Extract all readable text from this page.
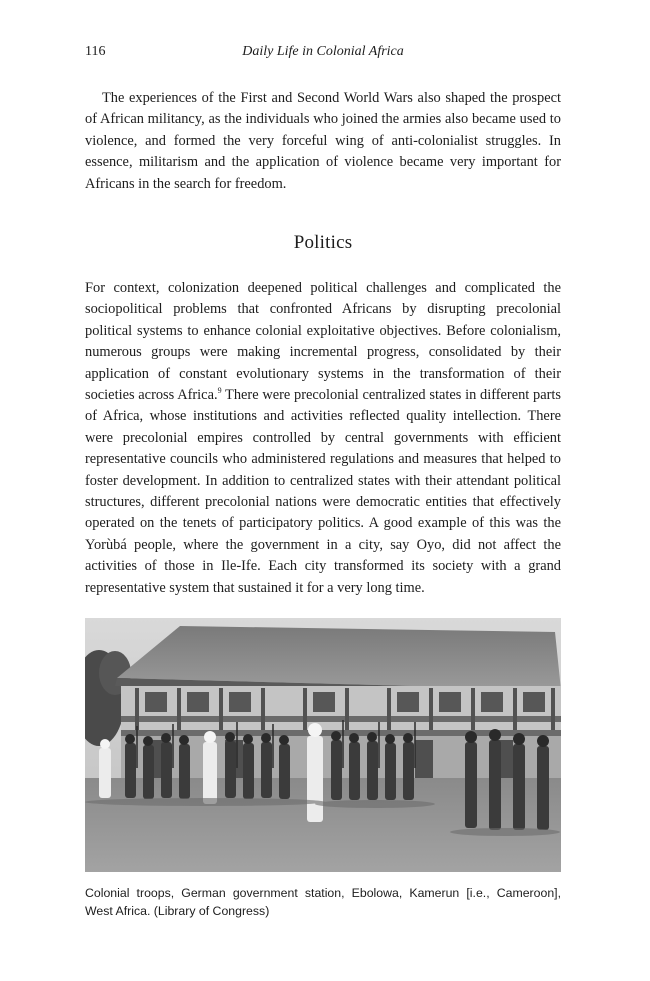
116	Daily Life in Colonial Africa

The experiences of the First and Second World Wars also shaped the prospect of African militancy, as the individuals who joined the armies also became used to violence, and formed the very forceful wing of anti-colonialist struggles. In essence, militarism and the application of violence became very important for Africans in the search for freedom.

Politics

For context, colonization deepened political challenges and complicated the sociopolitical problems that confronted Africans by disrupting precolonial political systems to enhance colonial exploitative objectives. Before colonialism, numerous groups were making incremental progress, consolidated by their application of constant evolutionary systems in the transformation of their societies across Africa.$^9$ There were precolonial centralized states in different parts of Africa, whose institutions and activities reflected quality intellection. There were precolonial empires controlled by central governments with efficient representative councils who administered regulations and measures that helped to foster development. In addition to centralized states with their attendant political structures, different precolonial nations were democratic entities that effectively operated on the tenets of participatory politics. A good example of this was the Yorùbá people, where the government in a city, say Oyo, did not affect the activities of those in Ile-Ife. Each city transformed its society with a grand representative system that sustained it for a very long time.

Colonial troops, German government station, Ebolowa, Kamerun [i.e., Cameroon], West Africa. (Library of Congress)
